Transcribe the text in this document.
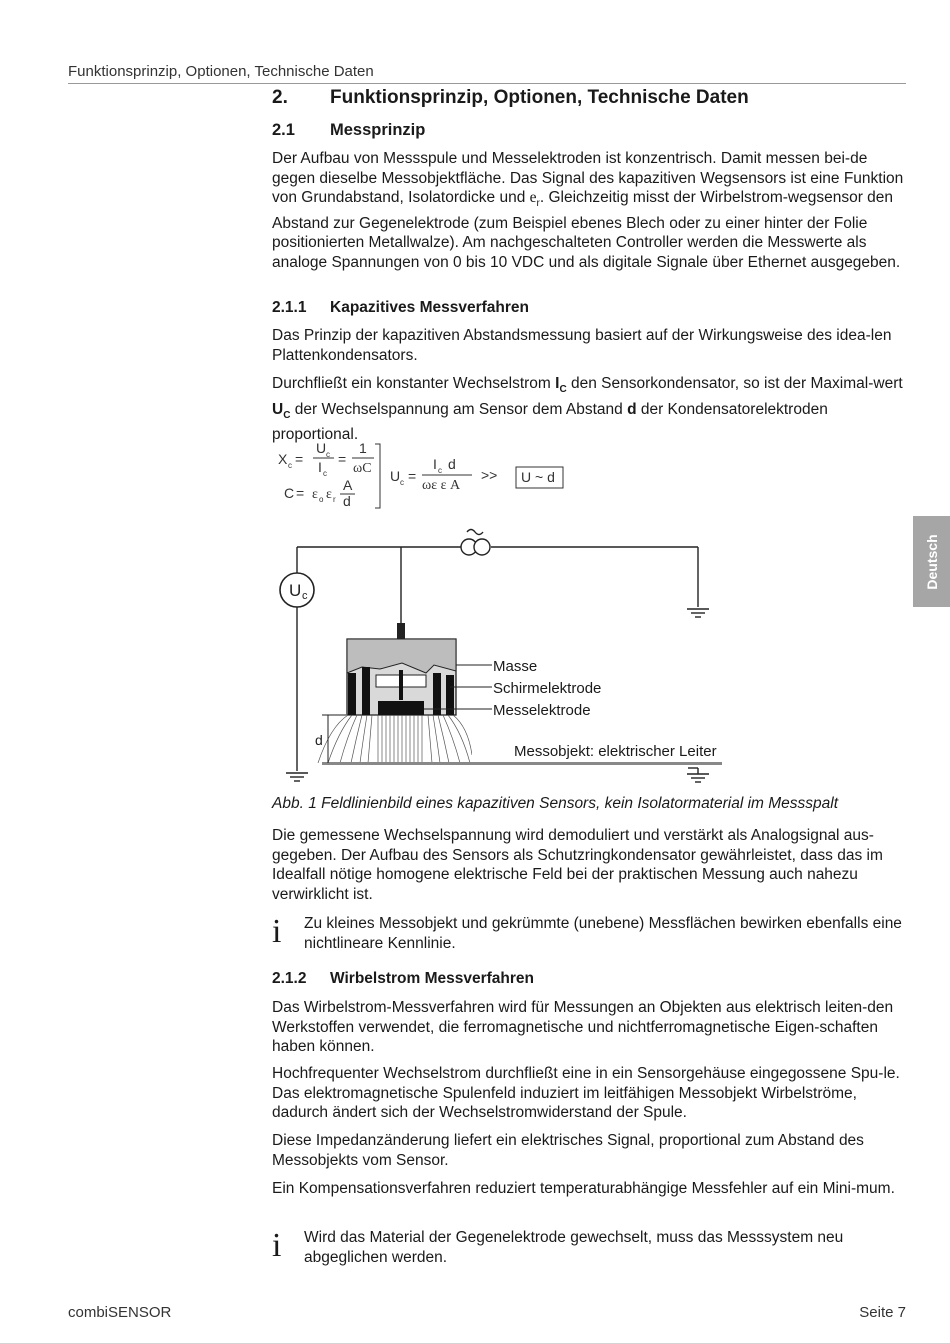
Funktionsprinzip, Optionen, Technische Daten
2. Funktionsprinzip, Optionen, Technische Daten
2.1 Messprinzip

Der Aufbau von Messspule und Messelektroden ist konzentrisch. Damit messen bei-de gegen dieselbe Messobjektfläche. Das Signal des kapazitiven Wegsensors ist eine Funktion von Grundabstand, Isolatordicke und $e_r$. Gleichzeitig misst der Wirbelstrom-wegsensor den Abstand zur Gegenelektrode (zum Beispiel ebenes Blech oder zu einer hinter der Folie positionierten Metallwalze). Am nachgeschalteten Controller werden die Messwerte als analoge Spannungen von 0 bis 10 VDC und als digitale Signale über Ethernet ausgegeben.

2.1.1 Kapazitives Messverfahren

Das Prinzip der kapazitiven Abstandsmessung basiert auf der Wirkungsweise des idea-len Plattenkondensators.

Durchfließt ein konstanter Wechselstrom $I_C$ den Sensorkondensator, so ist der Maximal-wert $U_C$ der Wechselspannung am Sensor dem Abstand d der Kondensatorelektroden proportional.

X c =
U c
I c
=
1
ωC
C = ε o ε r
A
d
U c =
I c d
ωε ε A
>> U ~ d
U c
d
Masse
Schirmelektrode
Messelektrode
Messobjekt: elektrischer Leiter
Abb. 1 Feldlinienbild eines kapazitiven Sensors, kein Isolatormaterial im Messspalt

Die gemessene Wechselspannung wird demoduliert und verstärkt als Analogsignal aus-gegeben. Der Aufbau des Sensors als Schutzringkondensator gewährleistet, dass das im Idealfall nötige homogene elektrische Feld bei der praktischen Messung auch nahezu verwirklicht ist.

i Zu kleines Messobjekt und gekrümmte (unebene) Messflächen bewirken ebenfalls eine nichtlineare Kennlinie.
2.1.2 Wirbelstrom Messverfahren

Das Wirbelstrom-Messverfahren wird für Messungen an Objekten aus elektrisch leiten-den Werkstoffen verwendet, die ferromagnetische und nichtferromagnetische Eigen-schaften haben können.

Hochfrequenter Wechselstrom durchfließt eine in ein Sensorgehäuse eingegossene Spu-le. Das elektromagnetische Spulenfeld induziert im leitfähigen Messobjekt Wirbelströme, dadurch ändert sich der Wechselstromwiderstand der Spule.

Diese Impedanzänderung liefert ein elektrisches Signal, proportional zum Abstand des Messobjekts vom Sensor.

Ein Kompensationsverfahren reduziert temperaturabhängige Messfehler auf ein Mini-mum.

i Wird das Material der Gegenelektrode gewechselt, muss das Messsystem neu abgeglichen werden.
Deutsch
combiSENSOR	Seite 7
